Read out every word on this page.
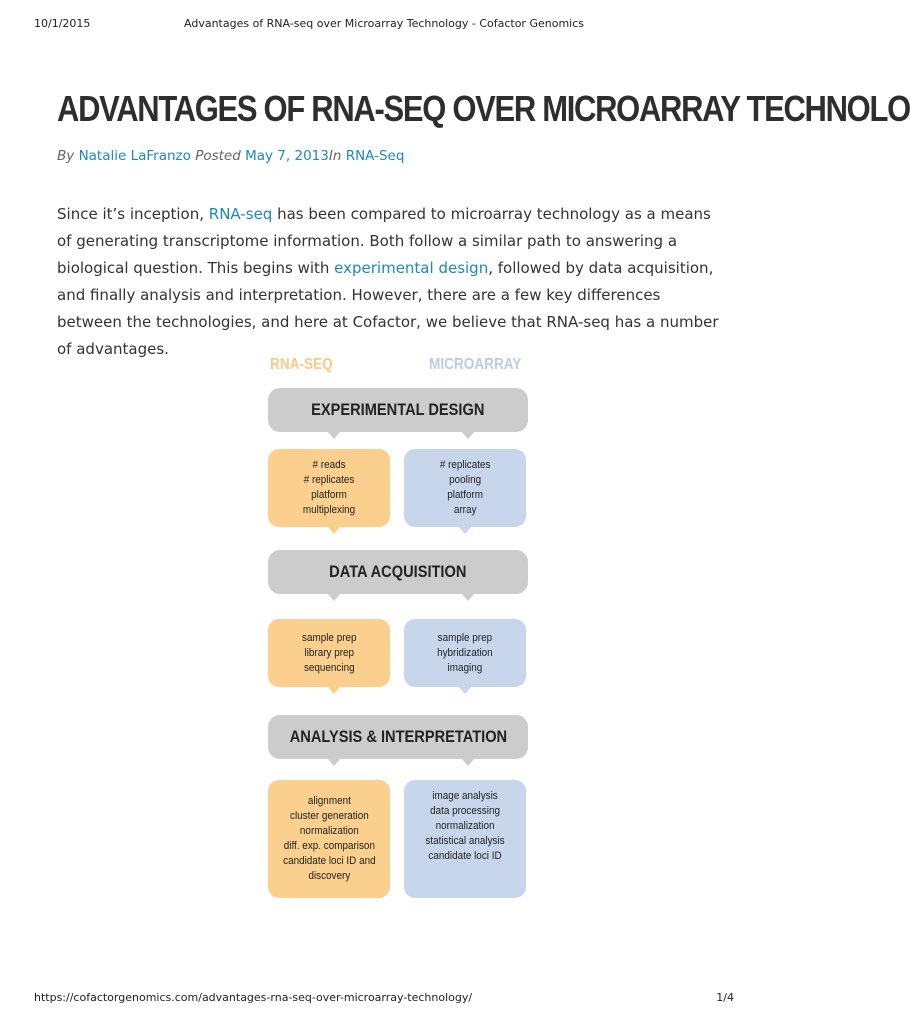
10/1/2015	Advantages of RNA-seq over Microarray Technology - Cofactor Genomics
ADVANTAGES OF RNA-SEQ OVER MICROARRAY TECHNOLO
By Natalie LaFranzo Posted May 7, 2013In RNA-Seq

Since it’s inception, RNA-seq has been compared to microarray technology as a means of generating transcriptome information. Both follow a similar path to answering a biological question. This begins with experimental design, followed by data acquisition, and finally analysis and interpretation. However, there are a few key differences between the technologies, and here at Cofactor, we believe that RNA-seq has a number of advantages.

RNA-SEQ	MICROARRAY
EXPERIMENTAL DESIGN
# reads
# replicates
platform
multiplexing
# replicates
pooling
platform
array
DATA ACQUISITION
sample prep
library prep
sequencing
sample prep
hybridization
imaging
ANALYSIS & INTERPRETATION
alignment
cluster generation
normalization
diff. exp. comparison
candidate loci ID and
discovery
image analysis
data processing
normalization
statistical analysis
candidate loci ID
https://cofactorgenomics.com/advantages-rna-seq-over-microarray-technology/	1/4
